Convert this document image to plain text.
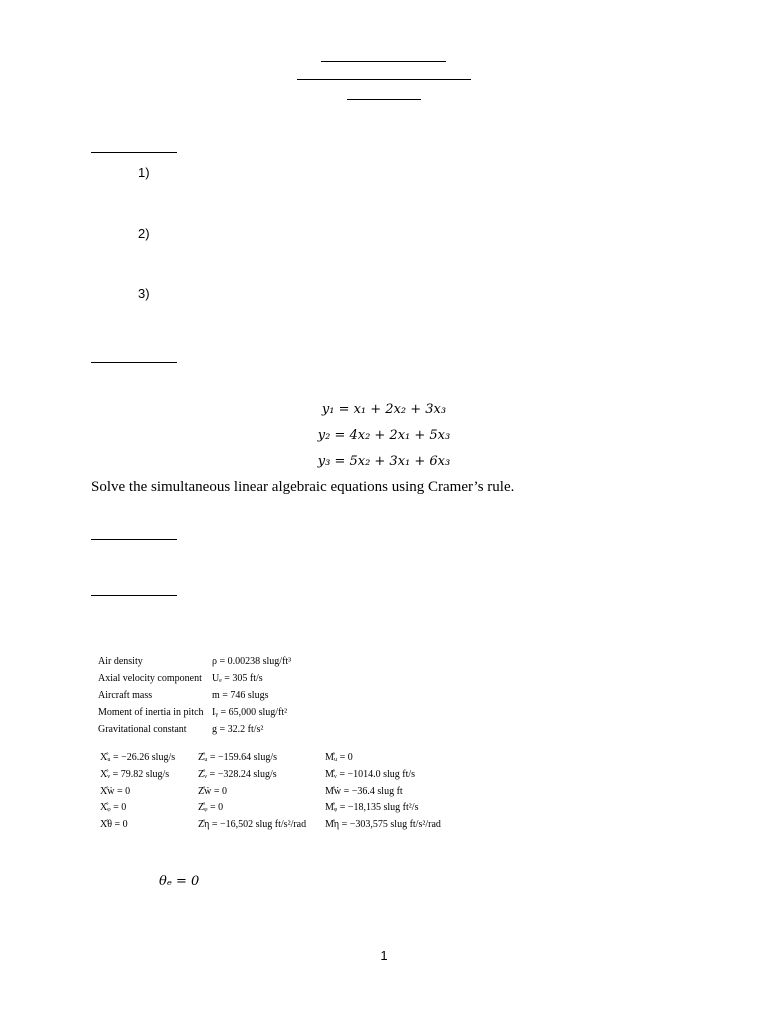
1)
2)
3)
y₁ = x₁ + 2x₂ + 3x₃
y₂ = 4x₂ + 2x₁ + 5x₃
y₃ = 5x₂ + 3x₁ + 6x₃
Solve the simultaneous linear algebraic equations using Cramer’s rule.
Air density	ρ = 0.00238 slug/ft³
Axial velocity component Uₑ = 305 ft/s
Aircraft mass	m = 746 slugs
Moment of inertia in pitch Iᵧ = 65,000 slug/ft²
Gravitational constant	g = 32.2 ft/s²
X̊ᵤ = −26.26 slug/s Z̊ᵤ = −159.64 slug/s	M̊ᵤ = 0
X̊ᵥ = 79.82 slug/s	Z̊ᵥ = −328.24 slug/s	M̊ᵥ = −1014.0 slug ft/s
X̊ẇ = 0	Z̊ẇ = 0	M̊ẇ = −36.4 slug ft
X̊ᵩ = 0	Z̊ᵩ = 0	M̊ᵩ = −18,135 slug ft²/s
X̊θ = 0	Z̊η = −16,502 slug ft/s²/rad M̊η = −303,575 slug ft/s²/rad
θₑ = 0
1
